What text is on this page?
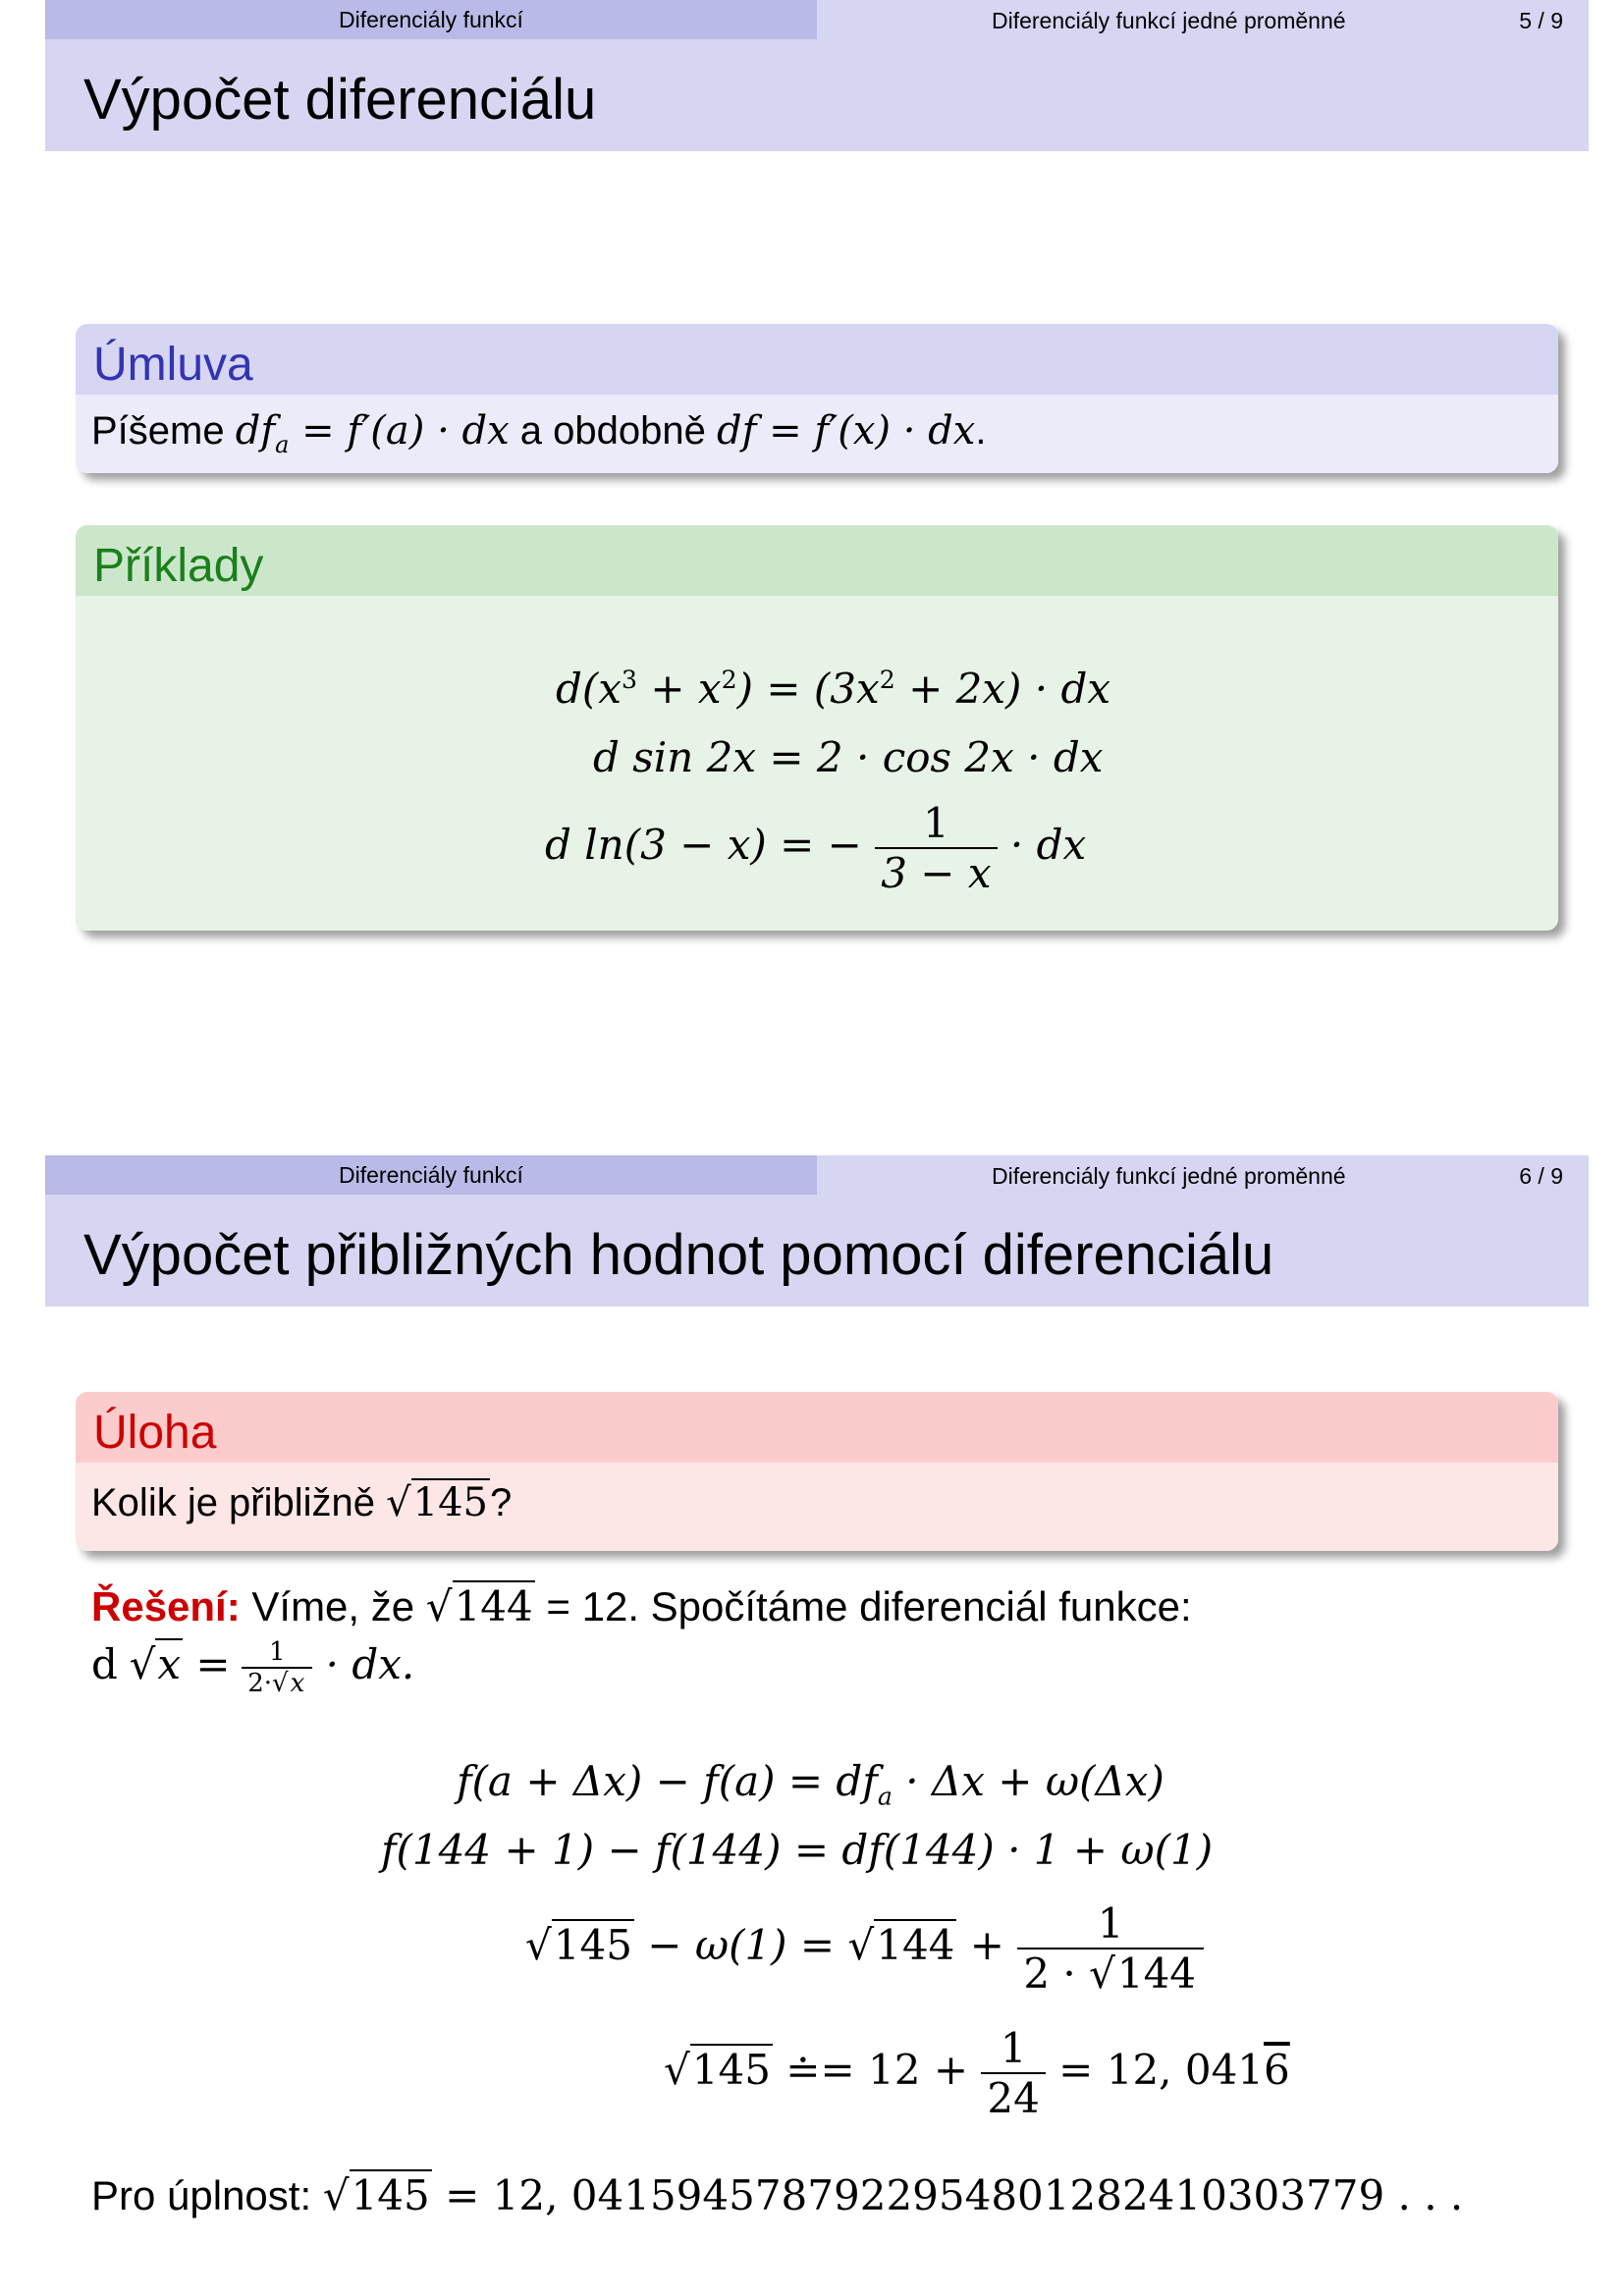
Diferenciály funkcí	Diferenciály funkcí jedné proměnné	5 / 9
Výpočet diferenciálu
Úmluva
Píšeme $df_a = f'(a)$ · dx a obdobně df = f′(x) · dx.
Příklady
$d(x^3 + x^2) = (3x^2 + 2x)$ · dx
d sin 2x = 2 · cos 2x · dx
d ln(3 − x) = − $\frac{1}{3 - x}$ · dx
Diferenciály funkcí	Diferenciály funkcí jedné proměnné	6 / 9
Výpočet přibližných hodnot pomocí diferenciálu
Úloha
Kolik je přibližně √145?
Řešení: Víme, že √144 = 12. Spočítáme diferenciál funkce:
d $√x = \frac{1}{2\cdot√x}$ · dx.
$f(a + \Delta x) - f(a) = df_a \cdot \Delta x + \omega(\Delta x)$
f(144 + 1) − f(144) = df(144) · 1 + ω(1)
$√145 - \omega(1) = √144 + \frac{1}{2 \cdot √144}$
√145 ≐= $12 + \frac{1}{24} = 12$, 0416
Pro úplnost: √145 = 12, 0415945787922954801282410303779 . . .
